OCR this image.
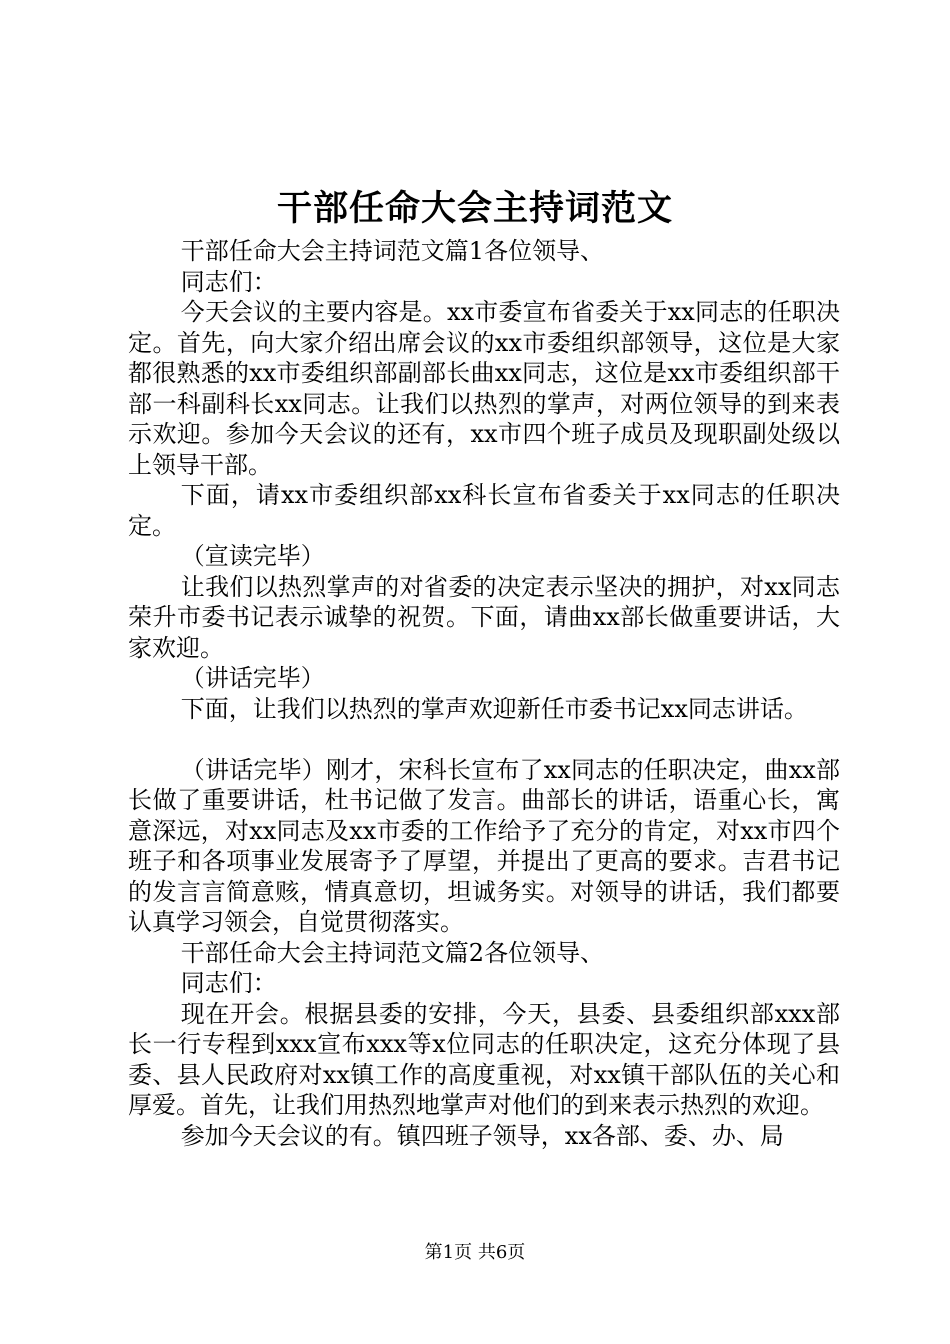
干部任命大会主持词范文

干部任命大会主持词范文篇1各位领导、

同志们：

今天会议的主要内容是。xx市委宣布省委关于xx同志的任职决定。首先，向大家介绍出席会议的xx市委组织部领导，这位是大家都很熟悉的xx市委组织部副部长曲xx同志，这位是xx市委组织部干部一科副科长xx同志。让我们以热烈的掌声，对两位领导的到来表示欢迎。参加今天会议的还有，xx市四个班子成员及现职副处级以上领导干部。

下面，请xx市委组织部xx科长宣布省委关于xx同志的任职决定。

（宣读完毕）

让我们以热烈掌声的对省委的决定表示坚决的拥护，对xx同志荣升市委书记表示诚挚的祝贺。下面，请曲xx部长做重要讲话，大家欢迎。

（讲话完毕）

下面，让我们以热烈的掌声欢迎新任市委书记xx同志讲话。

（讲话完毕）刚才，宋科长宣布了xx同志的任职决定，曲xx部长做了重要讲话，杜书记做了发言。曲部长的讲话，语重心长，寓意深远，对xx同志及xx市委的工作给予了充分的肯定，对xx市四个班子和各项事业发展寄予了厚望，并提出了更高的要求。吉君书记的发言言简意赅，情真意切，坦诚务实。对领导的讲话，我们都要认真学习领会，自觉贯彻落实。

干部任命大会主持词范文篇2各位领导、

同志们：

现在开会。根据县委的安排，今天，县委、县委组织部xxx部长一行专程到xxx宣布xxx等x位同志的任职决定，这充分体现了县委、县人民政府对xx镇工作的高度重视，对xx镇干部队伍的关心和厚爱。首先，让我们用热烈地掌声对他们的到来表示热烈的欢迎。

参加今天会议的有。镇四班子领导，xx各部、委、办、局

第1页 共6页
